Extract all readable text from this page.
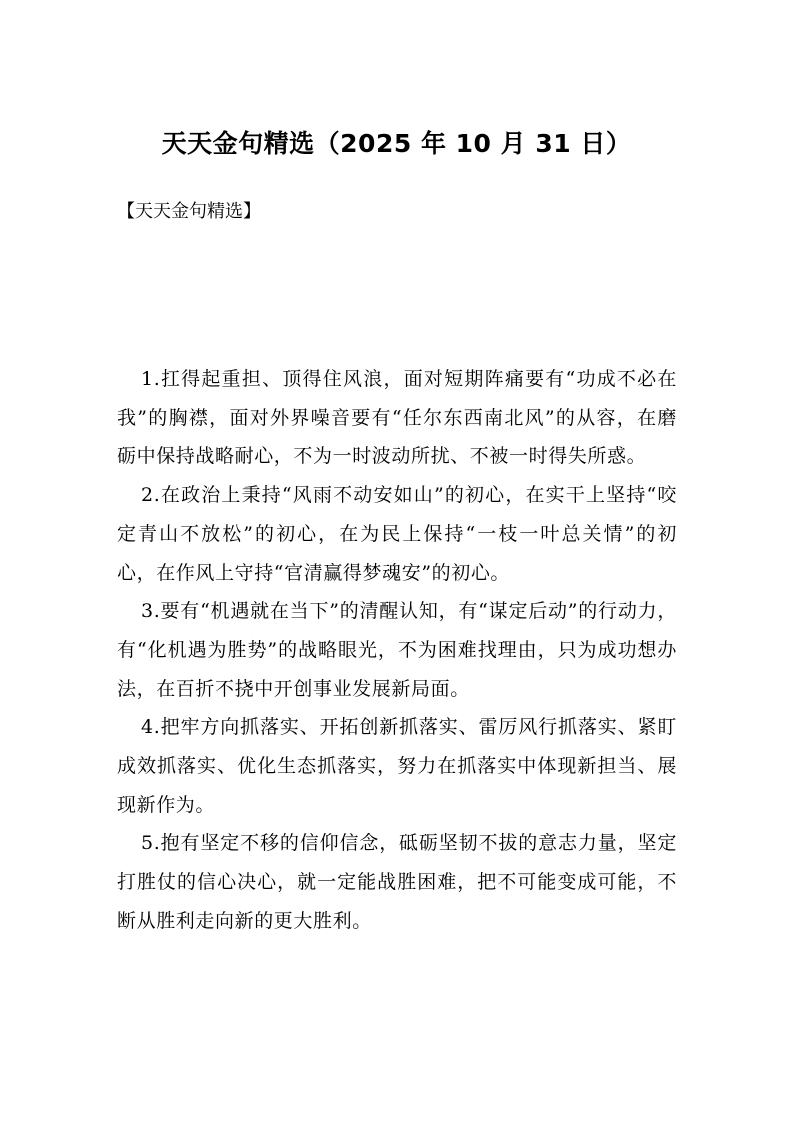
天天金句精选（2025 年 10 月 31 日）

【天天金句精选】

1.扛得起重担、顶得住风浪，面对短期阵痛要有“功成不必在我”的胸襟，面对外界噪音要有“任尔东西南北风”的从容，在磨砺中保持战略耐心，不为一时波动所扰、不被一时得失所惑。

2.在政治上秉持“风雨不动安如山”的初心，在实干上坚持“咬定青山不放松”的初心，在为民上保持“一枝一叶总关情”的初心，在作风上守持“官清赢得梦魂安”的初心。

3.要有“机遇就在当下”的清醒认知，有“谋定后动”的行动力，有“化机遇为胜势”的战略眼光，不为困难找理由，只为成功想办法，在百折不挠中开创事业发展新局面。

4.把牢方向抓落实、开拓创新抓落实、雷厉风行抓落实、紧盯成效抓落实、优化生态抓落实，努力在抓落实中体现新担当、展现新作为。

5.抱有坚定不移的信仰信念，砥砺坚韧不拔的意志力量，坚定打胜仗的信心决心，就一定能战胜困难，把不可能变成可能，不断从胜利走向新的更大胜利。
